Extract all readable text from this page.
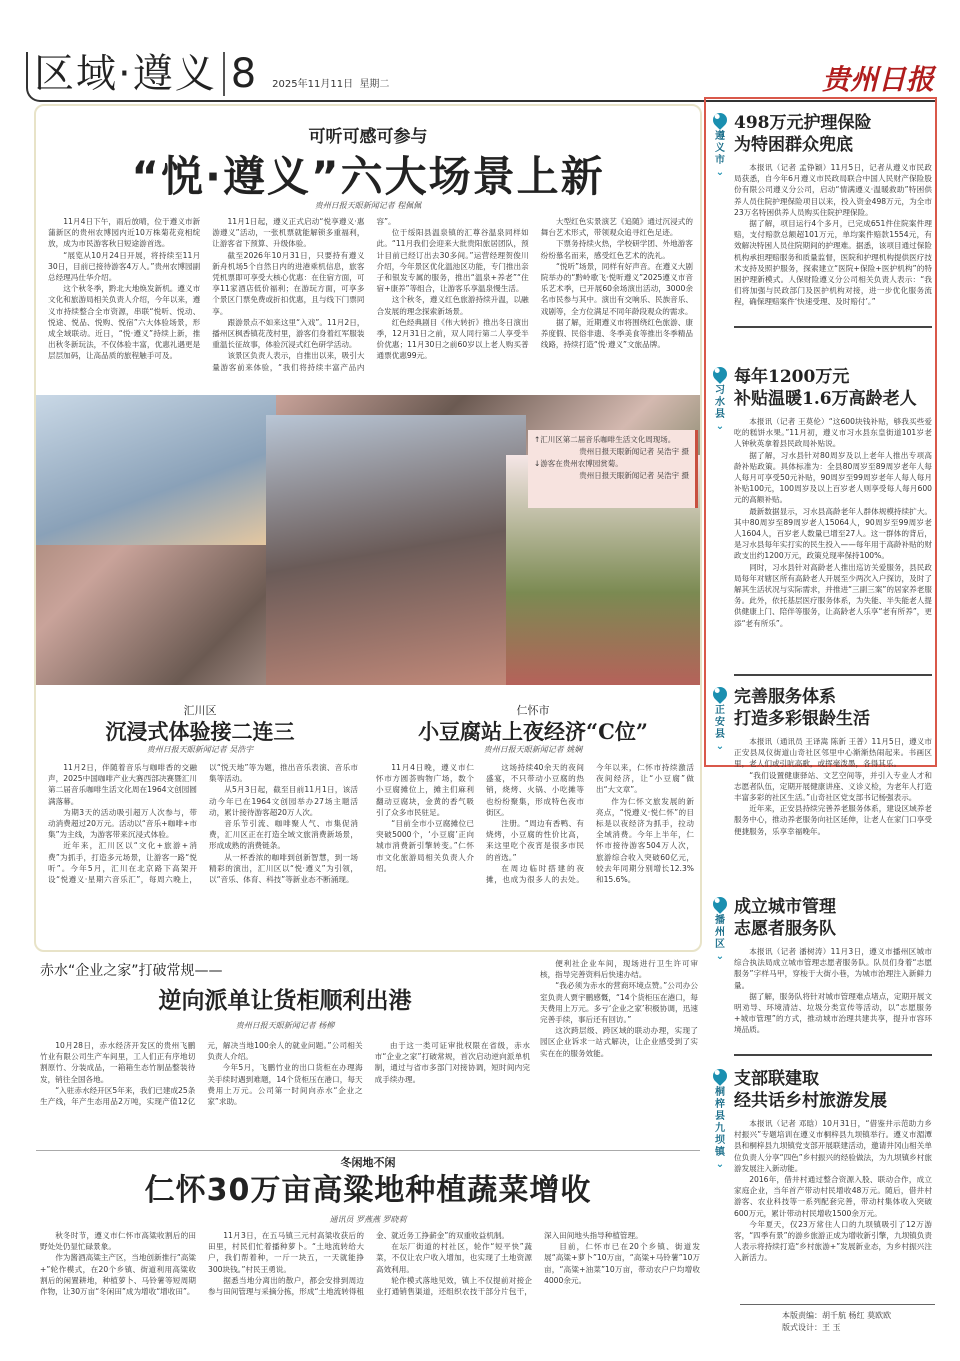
区域·遵义 8 2025年11月11日 星期二	贵州日报
可听可感可参与
“悦·遵义”六大场景上新
贵州日报天眼新闻记者 程佩佩

11月4日下午，雨后放晴，位于遵义市新蒲新区的贵州农博园内近10万株菊花竞相绽放，成为市民游客秋日短途游首选。

“展览从10月24日开展，将持续至11月30日，目前已接待游客4万人。”贵州农博园副总经理冯仕华介绍。

这个秋冬季，黔北大地焕发新机。遵义市文化和旅游局相关负责人介绍，今年以来，遵义市持续整合全市资源，串联“悦听、悦动、悦途、悦品、悦购、悦宿”六大体验场景，形成全域联动。近日，“悦·遵义”持续上新，推出秋冬新玩法，不仅体验丰富，优惠礼遇更是层层加码，让高品质的旅程触手可及。

11月1日起，遵义正式启动“悦享遵义·惠游遵义”活动，一张机票就能解锁多重福利，让游客省下预算、升级体验。

截至2026年10月31日，只要持有遵义新舟机场5个自然日内的进港乘机信息，旅客凭机票即可享受大核心优惠：在住宿方面，可享11家酒店低价福利；在游玩方面，可享多个景区门票免费或折扣优惠，且与线下门票同享。

跟游景点不如来这里“入戏”。11月2日，播州区枫香镇花茂村里，游客们身着红军服装重温长征故事，体验沉浸式红色研学活动。

该景区负责人表示，自推出以来，吸引大量游客前来体验，“我们将持续丰富产品内容”。

位于绥阳县温泉镇的汇尊谷温泉同样如此。“11月我们会迎来大批贵阳旅居团队，预计目前已经订出去30多间。”运营经理贺俊川介绍，今年景区优化温池区功能，专门推出亲子和银发专属的服务，推出“温泉+养老”“住宿+康养”等组合，让游客乐享温泉慢生活。

这个秋冬，遵义红色旅游持续升温，以融合发展的理念探索新场景。

红色经典剧目《伟大转折》推出冬日演出季，12月31日之前，双人同行第二人享受半价优惠；11月30日之前60岁以上老人购买普通票优惠99元。

大型红色实景演艺《追随》通过沉浸式的舞台艺术形式，带领观众追寻红色足迹。

下票务持续火热，学校研学团、外地游客纷纷慕名而来，感受红色艺术的洗礼。

“悦听”场景，同样有好声音。在遵义大剧院举办的“黔岭歌飞·悦听遵义”2025遵义市音乐艺术季，已开展60余场演出活动，3000余名市民参与其中。演出有交响乐、民族音乐、戏剧等，全方位满足不同年龄段观众的需求。

据了解，近期遵义市将围绕红色旅游、康养度假、民俗非遗、冬季美食等推出冬季精品线路，持续打造“悦·遵义”文旅品牌。

↑汇川区第二届音乐咖啡生活文化周现场。
贵州日报天眼新闻记者 吴浩宇 摄
↓游客在贵州农博园赏菊。
贵州日报天眼新闻记者 吴浩宇 摄
汇川区
沉浸式体验接二连三
贵州日报天眼新闻记者 吴浩宇

11月2日，伴随着音乐与咖啡香的交融声，2025中国咖啡产业大赛西部决赛暨汇川第二届音乐咖啡生活文化周在1964文创园圆满落幕。

为期3天的活动吸引超万人次参与，带动消费超过20万元。活动以“音乐+咖啡+市集”为主线，为游客带来沉浸式体验。

近年来，汇川区以“文化+旅游+消费”为抓手，打造多元场景，让游客一路“悦听”。今年5月，汇川在北京路下高架开设“悦遵义·星期六音乐汇”，每周六晚上，以“悦天地”等为题，推出音乐表演、音乐市集等活动。

从5月3日起，截至目前11月1日，该活动今年已在1964文创园举办27场主题活动，累计接待游客超20万人次。

音乐节引流、咖啡聚人气、市集促消费，汇川区正在打造全域文旅消费新场景，形成成熟的消费链条。

从一杯香浓的咖啡到创新智慧，到一场精彩的演出，汇川区以“悦·遵义”为引领，以“音乐、体育、科技”等新业态不断涌现。

仁怀市
小豆腐站上夜经济“C位”
贵州日报天眼新闻记者 姚娴

11月4日晚，遵义市仁怀市方圆荟购物广场，数个小豆腐摊位上，摊主们麻利翻动豆腐块，金黄的香气吸引了众多市民驻足。

“目前全市小豆腐摊位已突破5000个，‘小豆腐’正向城市消费新引擎转变。”仁怀市文化旅游局相关负责人介绍。

这场持续40余天的夜间盛宴，不只带动小豆腐的热销，烧烤、火锅、小吃摊等也纷纷聚集，形成特色夜市街区。

注册。“周边有香鸭、有烧烤，小豆腐的性价比高，来这里吃个夜宵是很多市民的首选。”

在周边临时搭建的夜摊，也成为很多人的去处。今年以来，仁怀市持续激活夜间经济，让“小豆腐”做出“大文章”。

作为仁怀文旅发展的新亮点，“悦遵义·悦仁怀”的目标是以夜经济为抓手，拉动全域消费。今年上半年，仁怀市接待游客504万人次，旅游综合收入突破60亿元，较去年同期分别增长12.3%和15.6%。

赤水“企业之家”打破常规——
逆向派单让货柜顺利出港
贵州日报天眼新闻记者 杨柳

10月28日，赤水经济开发区的贵州飞鹏竹业有限公司生产车间里，工人们正有序地切割原竹、分装成品，一箱箱生态竹制品整装待发，销往全国各地。

“入驻赤水经开区5年来，我们已建成25条生产线，年产生态用品2万吨，实现产值12亿元，解决当地100余人的就业问题。”公司相关负责人介绍。

今年5月，飞鹏竹业的出口货柜在办理海关手续时遇到难题，14个货柜压在港口，每天费用上万元。公司第一时间向赤水“企业之家”求助。

由于这一类可证审批权限在省级，赤水市“企业之家”打破常规，首次启动逆向派单机制，通过与省市多部门对接协调，短时间内完成手续办理。

便利社企业车间，现场进行卫生许可审核，指导完善资料后快速办结。

“我必须为赤水的营商环境点赞。”公司办公室负责人贾宇鹏感慨，“14个货柜压在港口，每天费用上万元。多亏‘企业之家’积极协调，迅速完善手续，事后还有回访。”

这次跨层级、跨区域的联动办理，实现了园区企业诉求一站式解决，让企业感受到了实实在在的服务效能。

冬闲地不闲
仁怀30万亩高粱地种植蔬菜增收
通讯员 罗燕燕 罗晓莉

秋冬时节，遵义市仁怀市高粱收割后的田野处处仍显忙碌景象。

作为酱酒高粱主产区，当地创新推行“高粱+”轮作模式，在20个乡镇、街道利用高粱收割后的闲置耕地，种植萝卜、马铃薯等短周期作物，让30万亩“冬闲田”成为增收“增收田”。

11月3日，在五马镇三元村高粱收获后的田里，村民们忙着播种萝卜。“土地流转给大户，我们帮着种，一斤一块五，一天就能挣300块钱。”村民王勇说。

据悉当地分离出的散户，都会安排到周边参与田间管理与采摘分拣，形成“土地流转得租金、就近务工挣薪金”的双重收益机制。

在坛厂街道的村社区，轮作“短平快”蔬菜，不仅让农户收入增加，也实现了土地资源高效利用。

轮作模式落地见效，镇上不仅提前对接企业打通销售渠道，还组织农技干部分片包干，深入田间地头指导种植管理。

目前，仁怀市已在20个乡镇、街道发展“高粱+萝卜”10万亩，“高粱+马铃薯”10万亩，“高粱+油菜”10万亩，带动农户户均增收4000余元。

遵
义
市
⌄
498万元护理保险
为特困群众兜底

本报讯（记者 孟铮颖）11月5日，记者从遵义市民政局获悉，自今年6月遵义市民政局联合中国人民财产保险股份有限公司遵义分公司，启动“情满遵义·温暖救助”特困供养人员住院护理保险项目以来，投入资金498万元，为全市23万名特困供养人员购买住院护理保险。

据了解，项目运行4个多月，已完成651件住院案件理赔，支付赔款总额超101万元，单均案件赔款1554元，有效解决特困人员住院期间的护理难。据悉，该项目通过保险机构承担理赔服务和质量监督，医院和护理机构提供医疗技术支持及照护服务，探索建立“医院+保险+医护机构”的特困护理新模式。人保财险遵义分公司相关负责人表示：“我们将加强与民政部门及医护机构对接，进一步优化服务流程，确保理赔案件‘快速受理、及时赔付’。”

习
水
县
⌄
每年1200万元
补贴温暖1.6万高龄老人

本报讯（记者 王莫伦）“这600块钱补贴，够我买些爱吃的糕饼水果。”11月初，遵义市习水县东皇街道101岁老人钟秋英拿着县民政局补贴说。

据了解，习水县针对80周岁及以上老年人推出专项高龄补贴政策。具体标准为：全县80周岁至89周岁老年人每人每月可享受50元补贴，90周岁至99周岁老年人每人每月补贴100元，100周岁及以上百岁老人则享受每人每月600元的高额补贴。

最新数据显示，习水县高龄老年人群体规模持续扩大。其中80周岁至89周岁老人15064人，90周岁至99周岁老人1604人，百岁老人数量已增至27人。这一群体的背后，是习水县每年实打实的民生投入——每年用于高龄补贴的财政支出约1200万元，政策兑现率保持100%。

同时，习水县针对高龄老人推出巡访关爱服务，县民政局每年对辖区所有高龄老人开展至少两次入户探访，及时了解其生活状况与实际需求，并推进“三副三案”的居家养老服务。此外，依托基层医疗服务体系，为失能、半失能老人提供健康上门、陪伴等服务，让高龄老人乐享“老有所养”，更添“老有所乐”。

正
安
县
⌄
完善服务体系
打造多彩银龄生活

本报讯（通讯员 王译嵩 陈新 王普）11月5日，遵义市正安县凤仪街道山奇社区邻里中心渐渐热闹起来。书画区里，老人们或引吭高歌，或挥毫泼墨，各得其乐。

“我们设置健康驿站、文艺空间等，并引入专业人才和志愿者队伍，定期开展健康讲座、义诊义检，为老年人打造丰富多彩的社区生活。”山奇社区党支部书记杨强表示。

近年来，正安县持续完善养老服务体系，建设区域养老服务中心，推动养老服务向社区延伸，让老人在家门口享受便捷服务，乐享幸福晚年。

播
州
区
⌄
成立城市管理
志愿者服务队

本报讯（记者 潘树涛）11月3日，遵义市播州区城市综合执法局成立城市管理志愿者服务队。队员们身着“志愿服务”字样马甲，穿梭于大街小巷，为城市治理注入新鲜力量。

据了解，服务队将针对城市管理难点堵点，定期开展文明劝导、环境清洁、垃圾分类宣传等活动，以“志愿服务+城市管理”的方式，推动城市治理共建共享，提升市容环境品质。

桐
梓
县
九
坝
镇
⌄
支部联建取
经共话乡村旅游发展

本报讯（记者 邓晗）10月31日，“借鉴井示范助力乡村振兴”专题培训在遵义市桐梓县九坝镇举行。遵义市湄潭县和桐梓县九坝镇党支部开展联建活动，邀请井冈山相关单位负责人分享“四色”乡村振兴的经验做法，为九坝镇乡村旅游发展注入新动能。

2016年，借井村通过整合资源入股、联动合作，成立家庭企业，当年首产带动村民增收48万元。随后，借井村游客、农业科技等一系列配套完善，带动村集体收入突破600万元，累计带动村民增收1500余万元。

今年夏天，仅23万常住人口的九坝镇吸引了12万游客，“四季有景”的游乡旅游正成为增收新引擎，九坝镇负责人表示将持续打造“乡村旅游+”发展新业态，为乡村振兴注入新活力。

本版责编：胡千航 杨红 莫欧欧
版式设计：王 玉
